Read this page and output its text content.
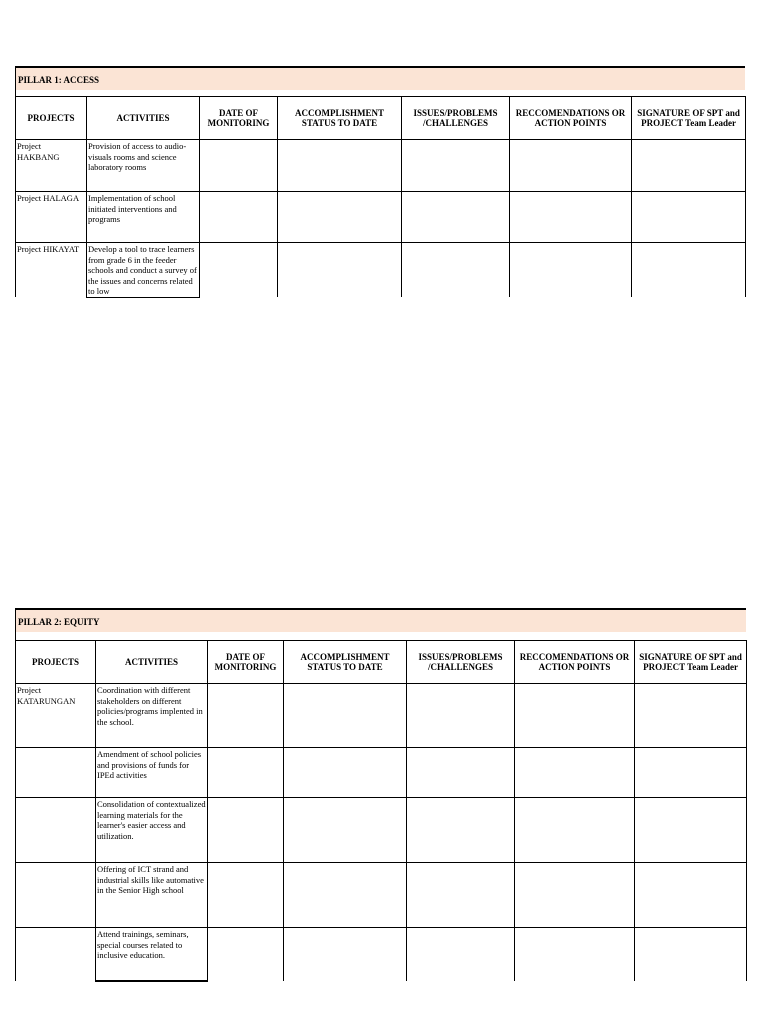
PILLAR 1: ACCESS

PROJECTS	ACTIVITIES	DATE OF MONITORING	ACCOMPLISHMENT STATUS TO DATE	ISSUES/PROBLEMS /CHALLENGES	RECCOMENDATIONS OR ACTION POINTS	SIGNATURE OF SPT and PROJECT Team Leader

Project HAKBANG	Provision of access to audio-visuals rooms and science laboratory rooms					

Project HALAGA	Implementation of school initiated interventions and programs					

Project HIKAYAT	Develop a tool to trace learners from grade 6 in the feeder schools and conduct a survey of the issues and concerns related to low					

PILLAR 2: EQUITY

PROJECTS	ACTIVITIES	DATE OF MONITORING	ACCOMPLISHMENT STATUS TO DATE	ISSUES/PROBLEMS /CHALLENGES	RECCOMENDATIONS OR ACTION POINTS	SIGNATURE OF SPT and PROJECT Team Leader

Project KATARUNGAN	Coordination with different stakeholders on different policies/programs implented in the school.					

	Amendment of school policies and provisions of funds for IPEd activities					

	Consolidation of contextualized learning materials for the learner's easier access and utilization.					

	Offering of ICT strand and industrial skills like automative in the Senior High school					

	Attend trainings, seminars, special courses related to inclusive education.					
